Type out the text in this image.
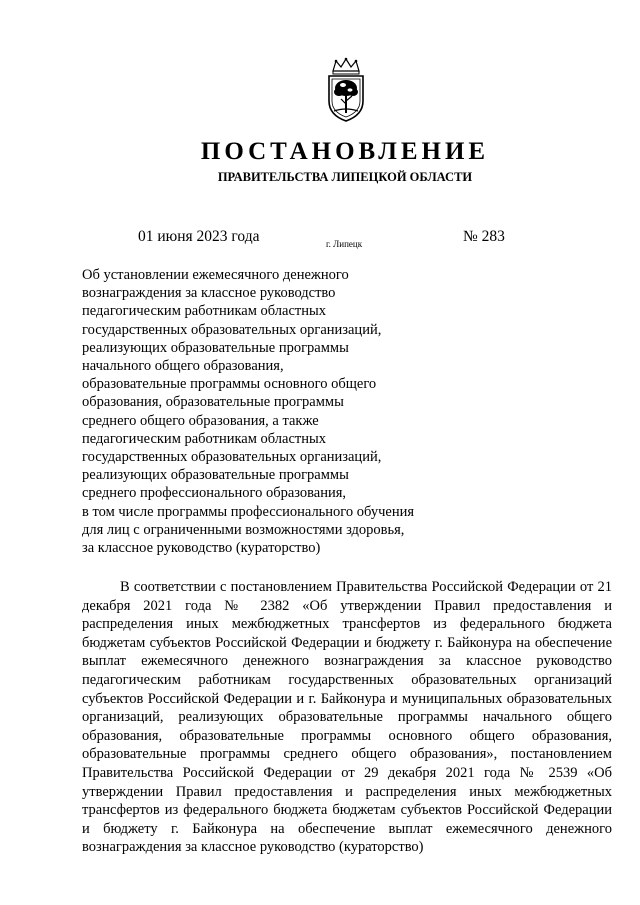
ПОСТАНОВЛЕНИЕ
ПРАВИТЕЛЬСТВА ЛИПЕЦКОЙ ОБЛАСТИ
01 июня 2023 года	г. Липецк	№ 283
Об установлении ежемесячного денежного
вознаграждения за классное руководство
педагогическим работникам областных
государственных образовательных организаций,
реализующих образовательные программы
начального общего образования,
образовательные программы основного общего
образования, образовательные программы
среднего общего образования, а также
педагогическим работникам областных
государственных образовательных организаций,
реализующих образовательные программы
среднего профессионального образования,
в том числе программы профессионального обучения
для лиц с ограниченными возможностями здоровья,
за классное руководство (кураторство)

В соответствии с постановлением Правительства Российской Федерации от 21 декабря 2021 года № 2382 «Об утверждении Правил предоставления и распределения иных межбюджетных трансфертов из федерального бюджета бюджетам субъектов Российской Федерации и бюджету г. Байконура на обеспечение выплат ежемесячного денежного вознаграждения за классное руководство педагогическим работникам государственных образовательных организаций субъектов Российской Федерации и г. Байконура и муниципальных образовательных организаций, реализующих образовательные программы начального общего образования, образовательные программы основного общего образования, образовательные программы среднего общего образования», постановлением Правительства Российской Федерации от 29 декабря 2021 года № 2539 «Об утверждении Правил предоставления и распределения иных межбюджетных трансфертов из федерального бюджета бюджетам субъектов Российской Федерации и бюджету г. Байконура на обеспечение выплат ежемесячного денежного вознаграждения за классное руководство (кураторство)
